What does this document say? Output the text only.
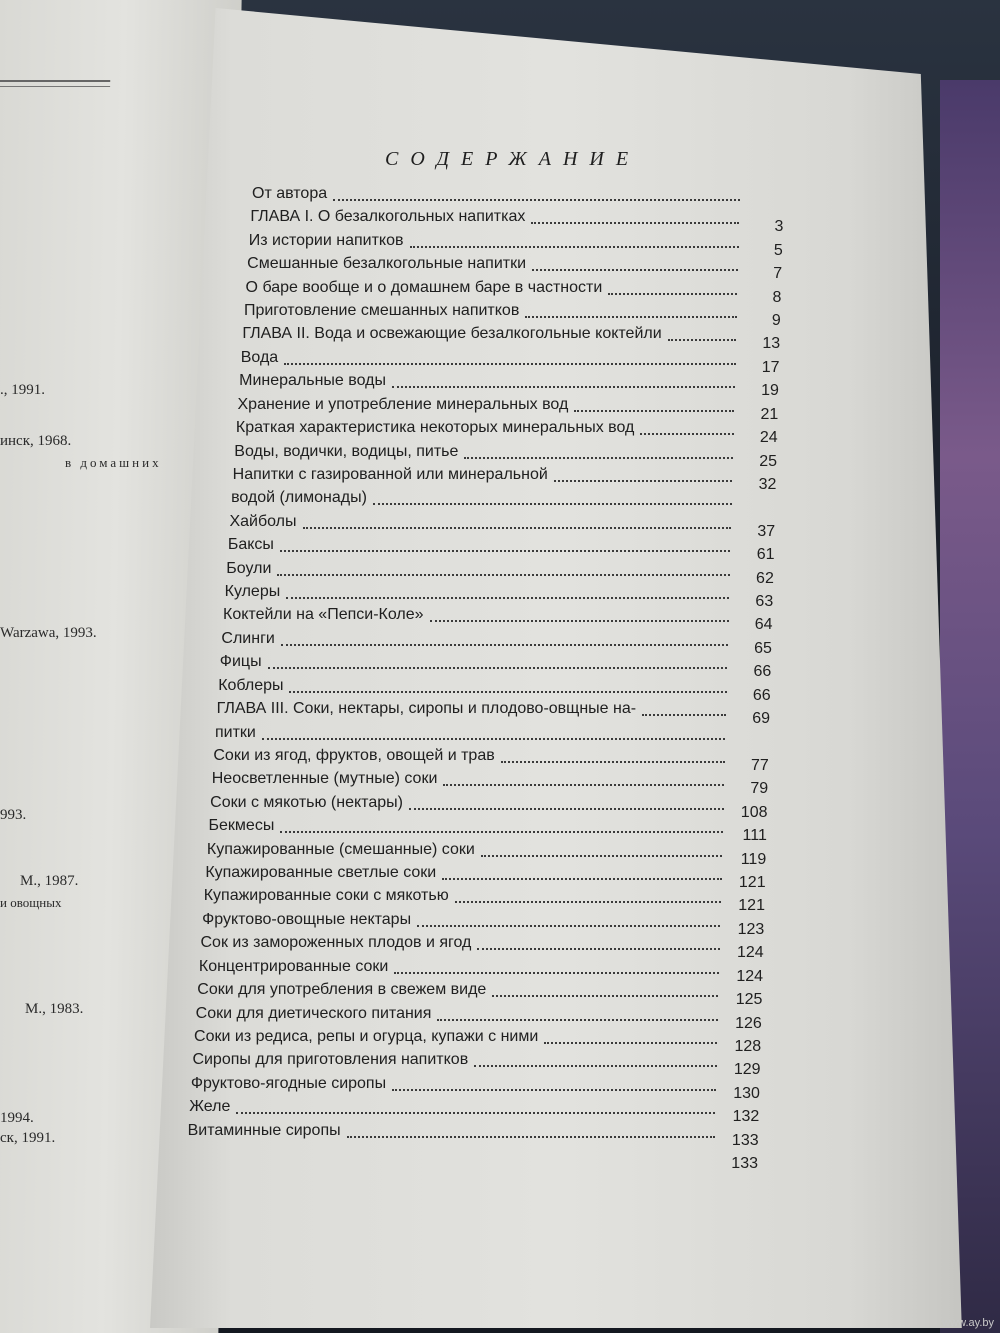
., 1991.
инск, 1968.
в домашних
Warzawa, 1993.
993.
М., 1987.
и овощных
М., 1983.
1994.
ск, 1991.
СОДЕРЖАНИЕ
От автора
ГЛАВА I. О безалкогольных напитках
3
Из истории напитков
5
Смешанные безалкогольные напитки
7
О баре вообще и о домашнем баре в частности
8
Приготовление смешанных напитков
9
ГЛАВА II. Вода и освежающие безалкогольные коктейли
13
Вода
17
Минеральные воды
19
Хранение и употребление минеральных вод
21
Краткая характеристика некоторых минеральных вод
24
Воды, водички, водицы, питье
25
Напитки с газированной или минеральной
32
водой (лимонады)
Хайболы
37
Баксы
61
Боули
62
Кулеры
63
Коктейли на «Пепси-Коле»
64
Слинги
65
Фицы
66
Коблеры
66
ГЛАВА III. Соки, нектары, сиропы и плодово-овщные на-
69
питки
Соки из ягод, фруктов, овощей и трав
77
Неосветленные (мутные) соки
79
Соки с мякотью (нектары)
108
Бекмесы
111
Купажированные (смешанные) соки
119
Купажированные светлые соки
121
Купажированные соки с мякотью
121
Фруктово-овощные нектары
123
Сок из замороженных плодов и ягод
124
Концентрированные соки
124
Соки для употребления в свежем виде
125
Соки для диетического питания
126
Соки из редиса, репы и огурца, купажи с ними
128
Сиропы для приготовления напитков
129
Фруктово-ягодные сиропы
130
Желе
132
Витаминные сиропы
133
133
www.ay.by
